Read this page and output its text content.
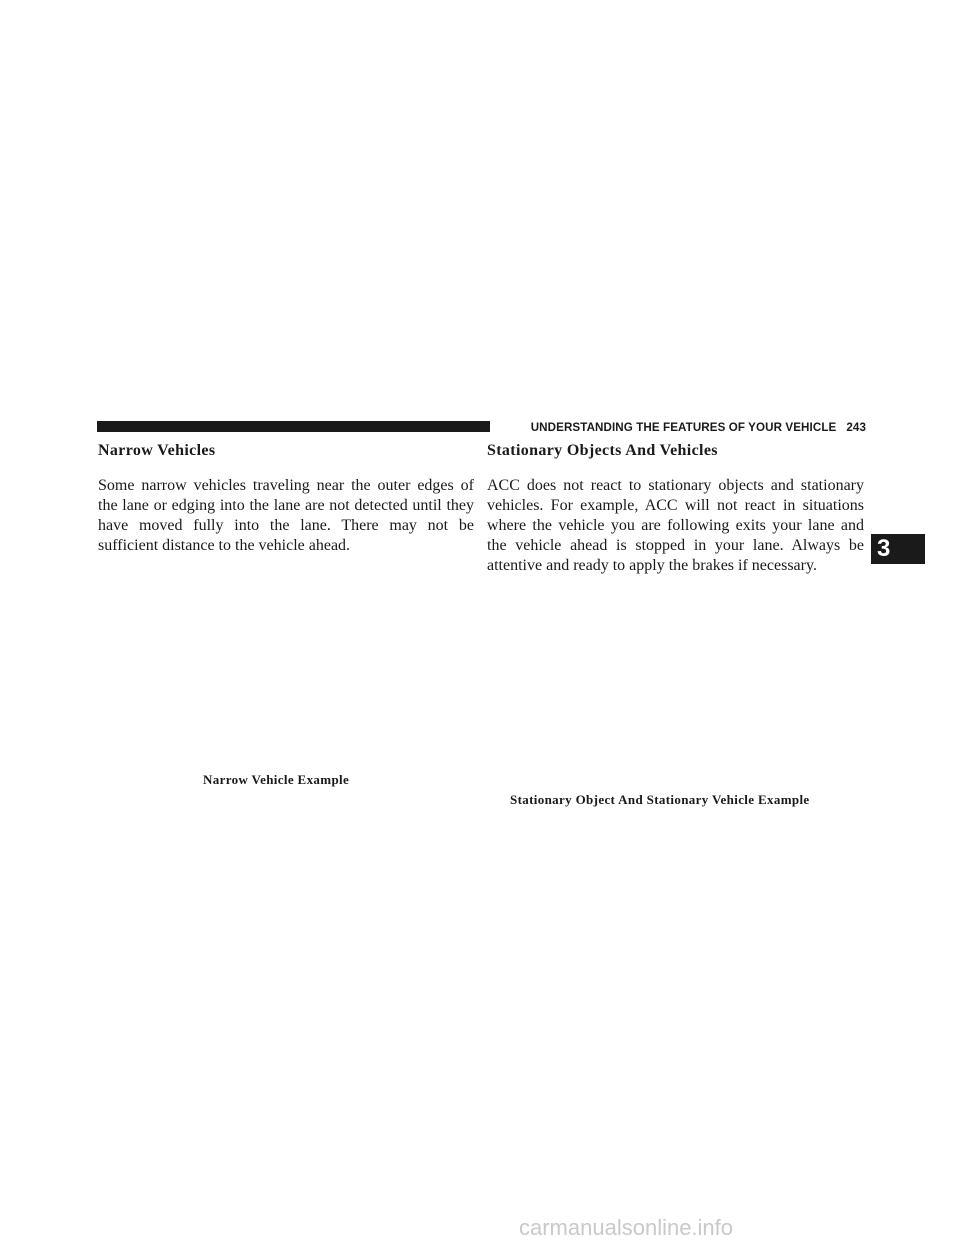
UNDERSTANDING THE FEATURES OF YOUR VEHICLE 243
3
Narrow Vehicles

Some narrow vehicles traveling near the outer edges of the lane or edging into the lane are not detected until they have moved fully into the lane. There may not be sufficient distance to the vehicle ahead.

Stationary Objects And Vehicles

ACC does not react to stationary objects and stationary vehicles. For example, ACC will not react in situations where the vehicle you are following exits your lane and the vehicle ahead is stopped in your lane. Always be attentive and ready to apply the brakes if necessary.

Narrow Vehicle Example
Stationary Object And Stationary Vehicle Example
carmanualsonline.info
